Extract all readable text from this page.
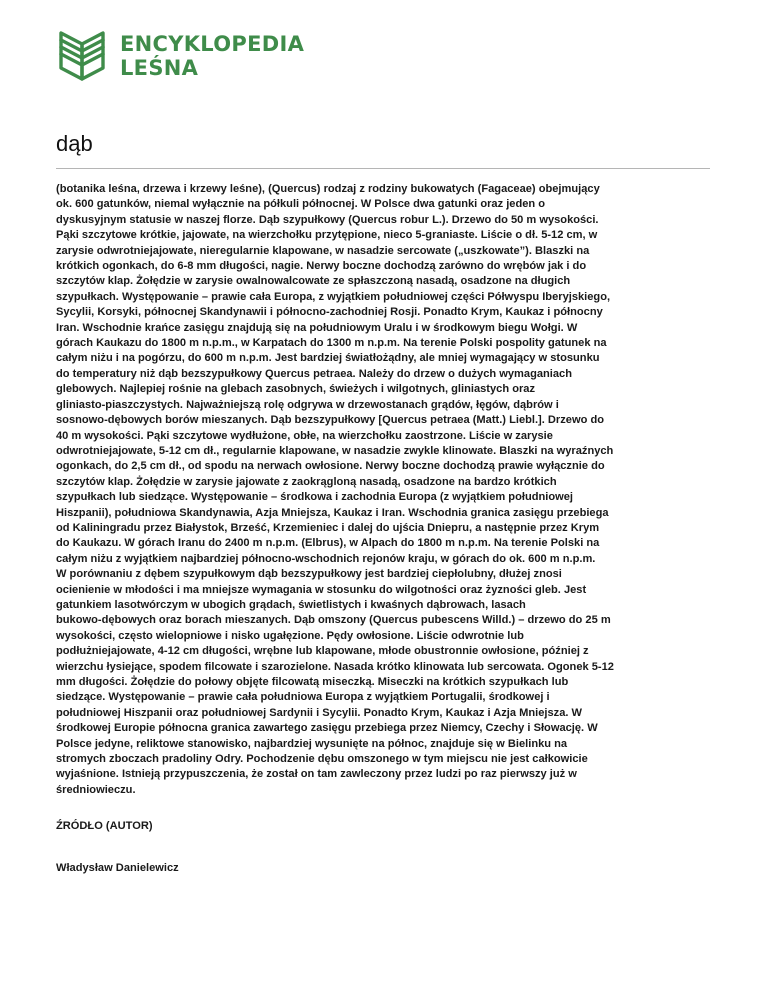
ENCYKLOPEDIA
LEŚNA
dąb

(botanika leśna, drzewa i krzewy leśne), (Quercus) rodzaj z rodziny bukowatych (Fagaceae) obejmujący
ok. 600 gatunków, niemal wyłącznie na półkuli północnej. W Polsce dwa gatunki oraz jeden o
dyskusyjnym statusie w naszej florze. Dąb szypułkowy (Quercus robur L.). Drzewo do 50 m wysokości.
Pąki szczytowe krótkie, jajowate, na wierzchołku przytępione, nieco 5-graniaste. Liście o dł. 5-12 cm, w
zarysie odwrotniejajowate, nieregularnie klapowane, w nasadzie sercowate („uszkowate”). Blaszki na
krótkich ogonkach, do 6-8 mm długości, nagie. Nerwy boczne dochodzą zarówno do wrębów jak i do
szczytów klap. Żołędzie w zarysie owalnowalcowate ze spłaszczoną nasadą, osadzone na długich
szypułkach. Występowanie – prawie cała Europa, z wyjątkiem południowej części Półwyspu Iberyjskiego,
Sycylii, Korsyki, północnej Skandynawii i północno-zachodniej Rosji. Ponadto Krym, Kaukaz i północny
Iran. Wschodnie krańce zasięgu znajdują się na południowym Uralu i w środkowym biegu Wołgi. W
górach Kaukazu do 1800 m n.p.m., w Karpatach do 1300 m n.p.m. Na terenie Polski pospolity gatunek na
całym niżu i na pogórzu, do 600 m n.p.m. Jest bardziej światłożądny, ale mniej wymagający w stosunku
do temperatury niż dąb bezszypułkowy Quercus petraea. Należy do drzew o dużych wymaganiach
glebowych. Najlepiej rośnie na glebach zasobnych, świeżych i wilgotnych, gliniastych oraz
gliniasto-piaszczystych. Najważniejszą rolę odgrywa w drzewostanach grądów, łęgów, dąbrów i
sosnowo-dębowych borów mieszanych. Dąb bezszypułkowy [Quercus petraea (Matt.) Liebl.]. Drzewo do
40 m wysokości. Pąki szczytowe wydłużone, obłe, na wierzchołku zaostrzone. Liście w zarysie
odwrotniejajowate, 5-12 cm dł., regularnie klapowane, w nasadzie zwykle klinowate. Blaszki na wyraźnych
ogonkach, do 2,5 cm dł., od spodu na nerwach owłosione. Nerwy boczne dochodzą prawie wyłącznie do
szczytów klap. Żołędzie w zarysie jajowate z zaokrągloną nasadą, osadzone na bardzo krótkich
szypułkach lub siedzące. Występowanie – środkowa i zachodnia Europa (z wyjątkiem południowej
Hiszpanii), południowa Skandynawia, Azja Mniejsza, Kaukaz i Iran. Wschodnia granica zasięgu przebiega
od Kaliningradu przez Białystok, Brześć, Krzemieniec i dalej do ujścia Dniepru, a następnie przez Krym
do Kaukazu. W górach Iranu do 2400 m n.p.m. (Elbrus), w Alpach do 1800 m n.p.m. Na terenie Polski na
całym niżu z wyjątkiem najbardziej północno-wschodnich rejonów kraju, w górach do ok. 600 m n.p.m.
W porównaniu z dębem szypułkowym dąb bezszypułkowy jest bardziej ciepłolubny, dłużej znosi
ocienienie w młodości i ma mniejsze wymagania w stosunku do wilgotności oraz żyzności gleb. Jest
gatunkiem lasotwórczym w ubogich grądach, świetlistych i kwaśnych dąbrowach, lasach
bukowo-dębowych oraz borach mieszanych. Dąb omszony (Quercus pubescens Willd.) – drzewo do 25 m
wysokości, często wielopniowe i nisko ugałęzione. Pędy owłosione. Liście odwrotnie lub
podłużniejajowate, 4-12 cm długości, wrębne lub klapowane, młode obustronnie owłosione, później z
wierzchu łysiejące, spodem filcowate i szarozielone. Nasada krótko klinowata lub sercowata. Ogonek 5-12
mm długości. Żołędzie do połowy objęte filcowatą miseczką. Miseczki na krótkich szypułkach lub
siedzące. Występowanie – prawie cała południowa Europa z wyjątkiem Portugalii, środkowej i
południowej Hiszpanii oraz południowej Sardynii i Sycylii. Ponadto Krym, Kaukaz i Azja Mniejsza. W
środkowej Europie północna granica zawartego zasięgu przebiega przez Niemcy, Czechy i Słowację. W
Polsce jedyne, reliktowe stanowisko, najbardziej wysunięte na północ, znajduje się w Bielinku na
stromych zboczach pradoliny Odry. Pochodzenie dębu omszonego w tym miejscu nie jest całkowicie
wyjaśnione. Istnieją przypuszczenia, że został on tam zawleczony przez ludzi po raz pierwszy już w
średniowieczu.

ŹRÓDŁO (AUTOR)

Władysław Danielewicz
